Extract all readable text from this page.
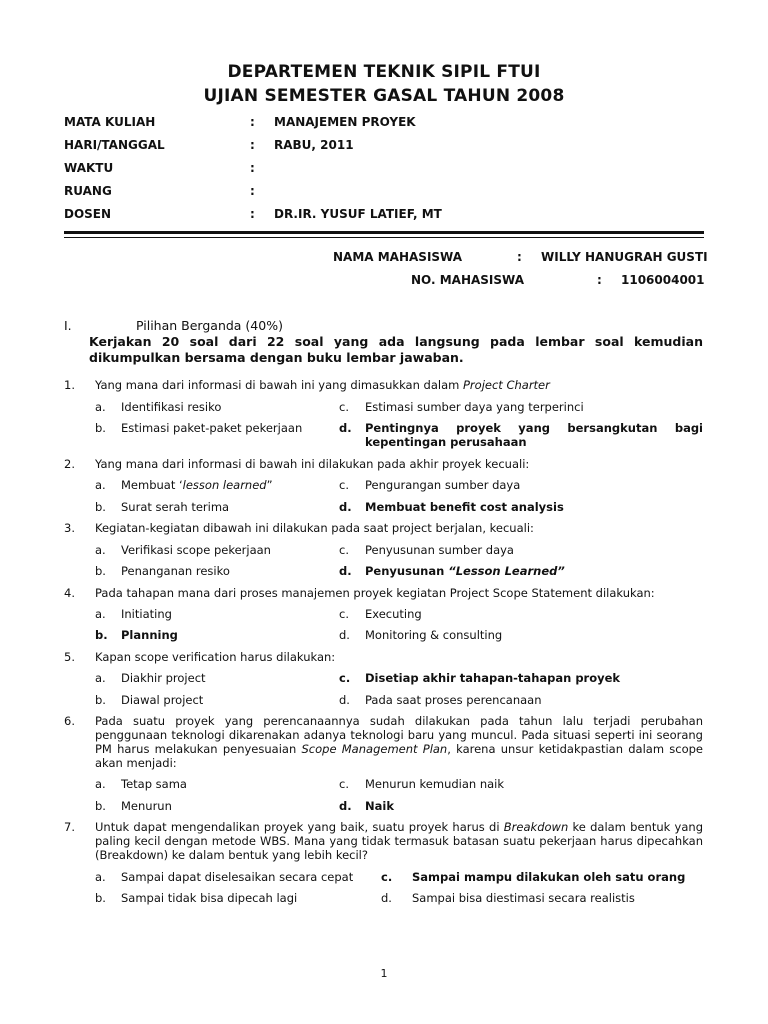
DEPARTEMEN TEKNIK SIPIL FTUI
UJIAN SEMESTER GASAL TAHUN 2008
MATA KULIAH	: MANAJEMEN PROYEK
HARI/TANGGAL	: RABU, 2011
WAKTU	:
RUANG	:
DOSEN	: DR.IR. YUSUF LATIEF, MT
NAMA MAHASISWA	: WILLY HANUGRAH GUSTI
NO. MAHASISWA	: 1106004001
I.	Pilihan Berganda (40%)
Kerjakan 20 soal dari 22 soal yang ada langsung pada lembar soal kemudian dikumpulkan bersama dengan buku lembar jawaban.
1. Yang mana dari informasi di bawah ini yang dimasukkan dalam Project Charter
a. Identifikasi resiko	c. Estimasi sumber daya yang terperinci
b. Estimasi paket-paket pekerjaan	d. Pentingnya proyek yang bersangkutan bagi kepentingan perusahaan
2. Yang mana dari informasi di bawah ini dilakukan pada akhir proyek kecuali:
a. Membuat ‘lesson learned”	c. Pengurangan sumber daya
b. Surat serah terima	d. Membuat benefit cost analysis
3. Kegiatan-kegiatan dibawah ini dilakukan pada saat project berjalan, kecuali:
a. Verifikasi scope pekerjaan	c. Penyusunan sumber daya
b. Penanganan resiko	d. Penyusunan “Lesson Learned”
4. Pada tahapan mana dari proses manajemen proyek kegiatan Project Scope Statement dilakukan:
a. Initiating	c. Executing
b. Planning	d. Monitoring & consulting
5. Kapan scope verification harus dilakukan:
a. Diakhir project	c. Disetiap akhir tahapan-tahapan proyek
b. Diawal project	d. Pada saat proses perencanaan
6. Pada suatu proyek yang perencanaannya sudah dilakukan pada tahun lalu terjadi perubahan penggunaan teknologi dikarenakan adanya teknologi baru yang muncul. Pada situasi seperti ini seorang PM harus melakukan penyesuaian Scope Management Plan, karena unsur ketidakpastian dalam scope akan menjadi:
a. Tetap sama	c. Menurun kemudian naik
b. Menurun	d. Naik
7. Untuk dapat mengendalikan proyek yang baik, suatu proyek harus di Breakdown ke dalam bentuk yang paling kecil dengan metode WBS. Mana yang tidak termasuk batasan suatu pekerjaan harus dipecahkan (Breakdown) ke dalam bentuk yang lebih kecil?
a. Sampai dapat diselesaikan secara cepat c. Sampai mampu dilakukan oleh satu orang
b. Sampai tidak bisa dipecah lagi	d. Sampai bisa diestimasi secara realistis
1
